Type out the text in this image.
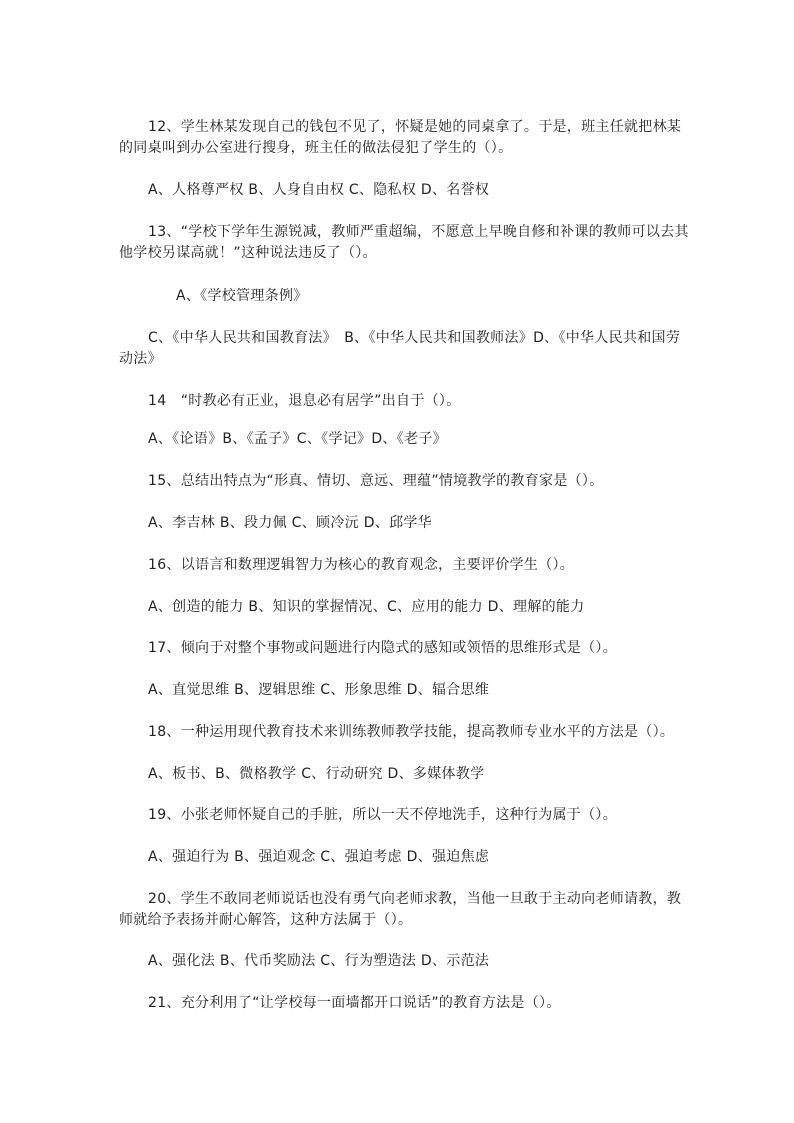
12、学生林某发现自己的钱包不见了，怀疑是她的同桌拿了。于是，班主任就把林某
的同桌叫到办公室进行搜身，班主任的做法侵犯了学生的（）。
A、人格尊严权 B、人身自由权 C、隐私权 D、名誉权
13、“学校下学年生源锐减，教师严重超编，不愿意上早晚自修和补课的教师可以去其
他学校另谋高就！”这种说法违反了（）。
A、《学校管理条例》
C、《中华人民共和国教育法》　B、《中华人民共和国教师法》D、《中华人民共和国劳
动法》
14　“时教必有正业，退息必有居学”出自于（）。
A、《论语》B、《孟子》C、《学记》D、《老子》
15、总结出特点为“形真、情切、意远、理蕴”情境教学的教育家是（）。
A、李吉林 B、段力佩 C、顾冷沅 D、邱学华
16、以语言和数理逻辑智力为核心的教育观念，主要评价学生（）。
A、创造的能力 B、知识的掌握情况、C、应用的能力 D、理解的能力
17、倾向于对整个事物或问题进行内隐式的感知或领悟的思维形式是（）。
A、直觉思维 B、逻辑思维 C、形象思维 D、辐合思维
18、一种运用现代教育技术来训练教师教学技能，提高教师专业水平的方法是（）。
A、板书、B、微格教学 C、行动研究 D、多媒体教学
19、小张老师怀疑自己的手脏，所以一天不停地洗手，这种行为属于（）。
A、强迫行为 B、强迫观念 C、强迫考虑 D、强迫焦虑
20、学生不敢同老师说话也没有勇气向老师求教，当他一旦敢于主动向老师请教，教
师就给予表扬并耐心解答，这种方法属于（）。
A、强化法 B、代币奖励法 C、行为塑造法 D、示范法
21、充分利用了“让学校每一面墙都开口说话”的教育方法是（）。
